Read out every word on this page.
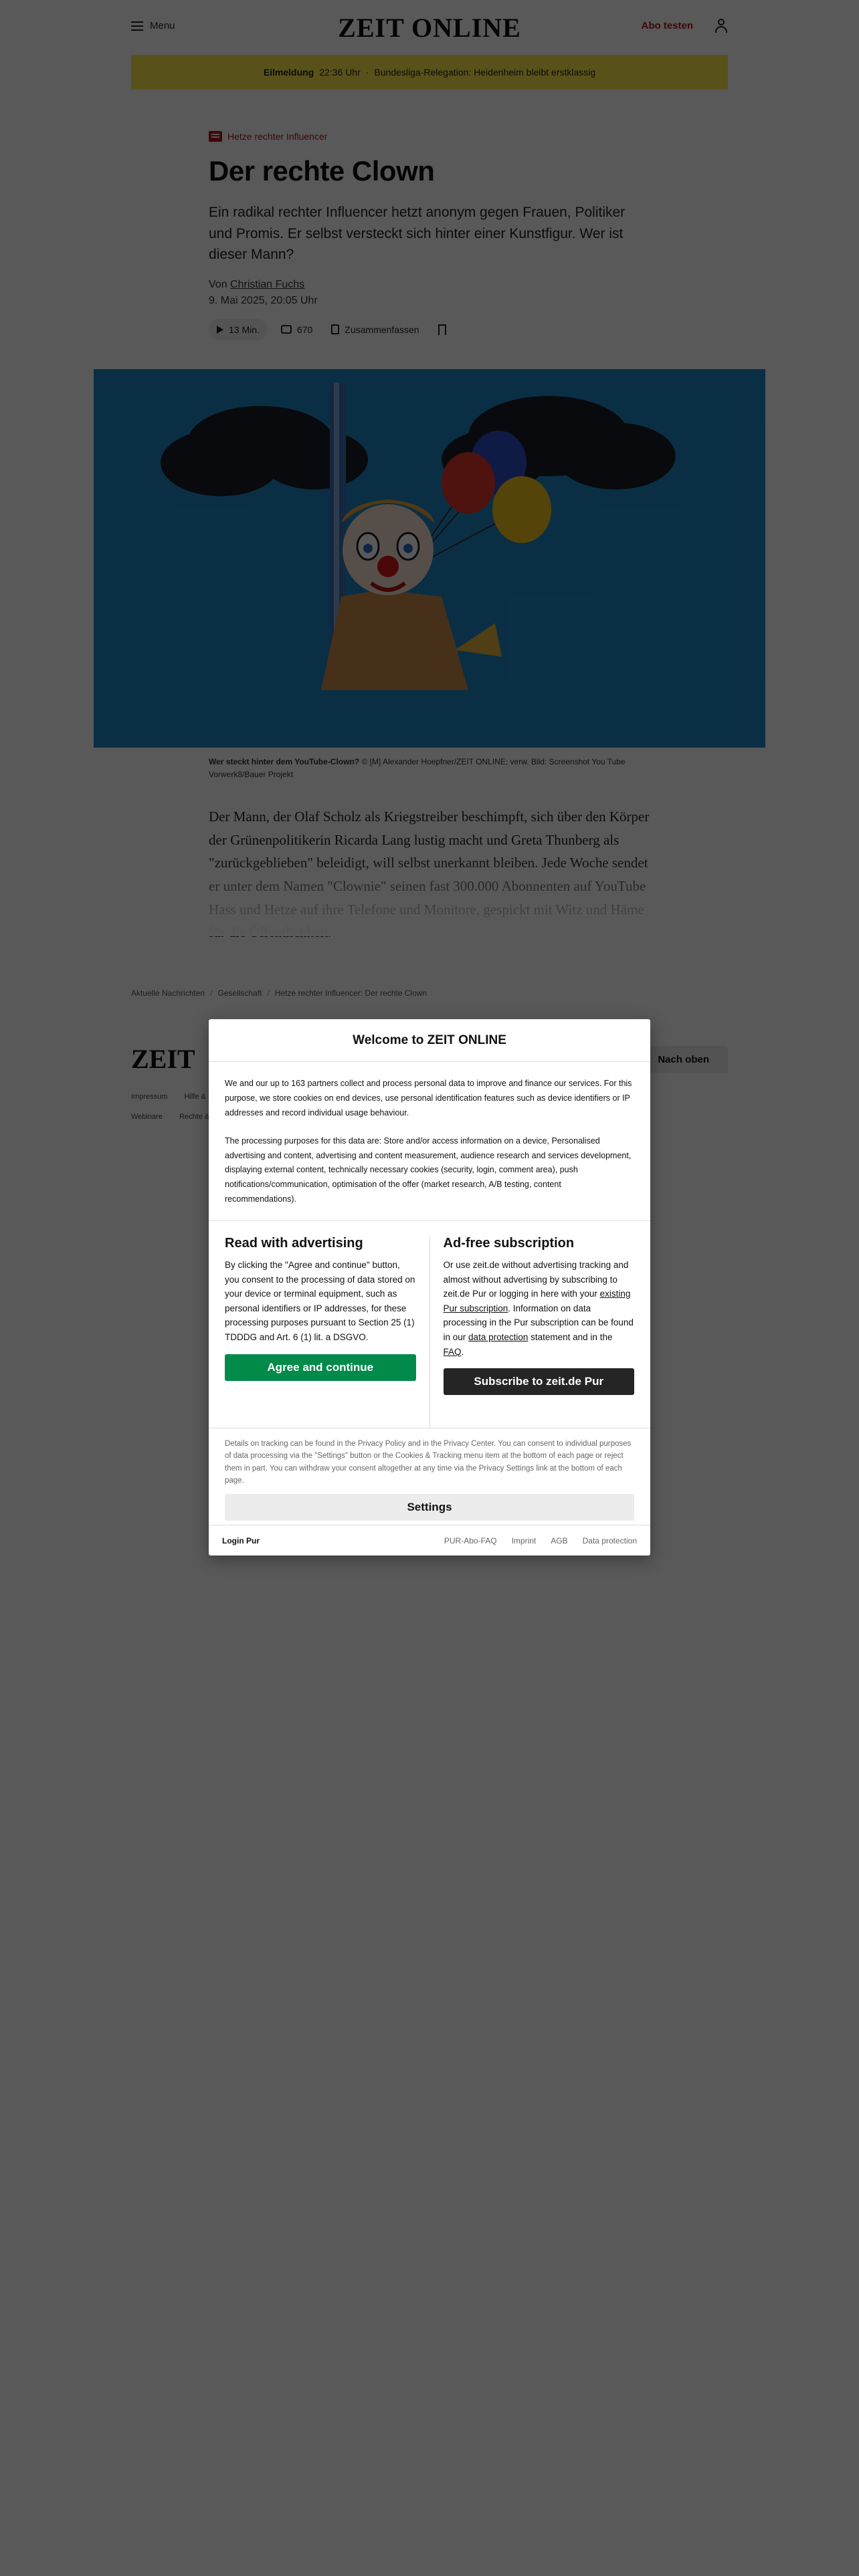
Welcome to ZEIT ONLINE

We and our up to 163 partners collect and process personal data to improve and finance our services. For this purpose, we store cookies on end devices, use personal identification features such as device identifiers or IP addresses and record individual usage behaviour.

The processing purposes for this data are: Store and/or access information on a device, Personalised advertising and content, advertising and content measurement, audience research and services development, displaying external content, technically necessary cookies (security, login, comment area), push notifications/communication, optimisation of the offer (market research, A/B testing, content recommendations).

Read with advertising

By clicking the "Agree and continue" button, you consent to the processing of data stored on your device or terminal equipment, such as personal identifiers or IP addresses, for these processing purposes pursuant to Section 25 (1) TDDDG and Art. 6 (1) lit. a DSGVO.

Agree and continue
Ad-free subscription

Or use zeit.de without advertising tracking and almost without advertising by subscribing to zeit.de Pur or logging in here with your existing Pur subscription. Information on data processing in the Pur subscription can be found in our data protection statement and in the FAQ.

Subscribe to zeit.de Pur
Details on tracking can be found in the Privacy Policy and in the Privacy Center. You can consent to individual purposes of data processing via the "Settings" button or the Cookies & Tracking menu item at the bottom of each page or reject them in part. You can withdraw your consent altogether at any time via the Privacy Settings link at the bottom of each page.
Settings
Login Pur	PUR-Abo-FAQ Imprint AGB Data protection
